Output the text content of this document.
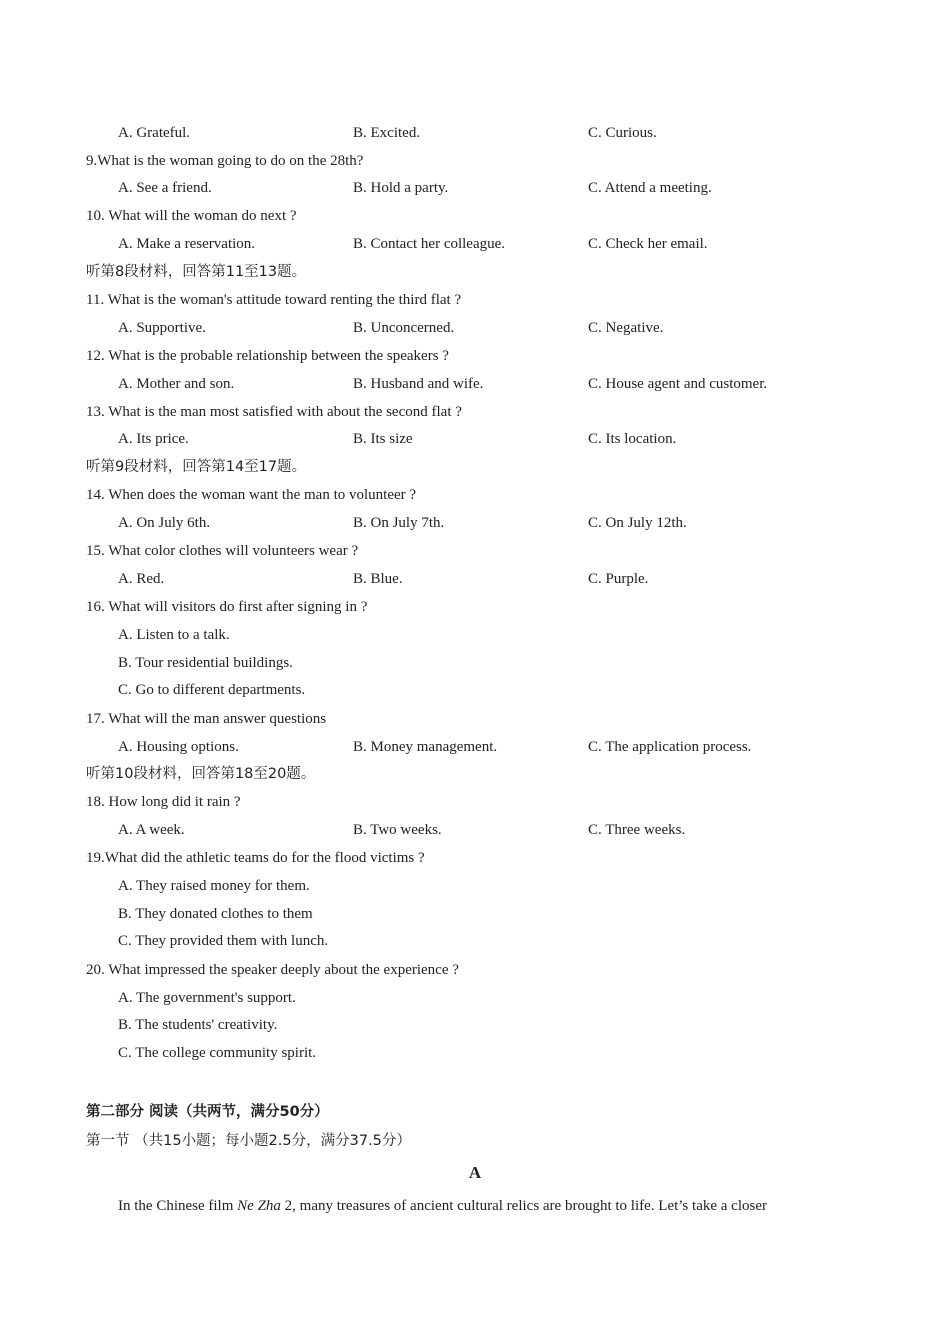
A. Grateful.	B. Excited.	C. Curious.
9.What is the woman going to do on the 28th?
A. See a friend.	B. Hold a party.	C. Attend a meeting.
10. What will the woman do next ?
A. Make a reservation.	B. Contact her colleague.	C. Check her email.
听第8段材料，回答第11至13题。
11. What is the woman's attitude toward renting the third flat ?
A. Supportive.	B. Unconcerned.	C. Negative.
12. What is the probable relationship between the speakers ?
A. Mother and son.	B. Husband and wife.	C. House agent and customer.
13. What is the man most satisfied with about the second flat ?
A. Its price.	B. Its size	C. Its location.
听第9段材料，回答第14至17题。
14. When does the woman want the man to volunteer ?
A. On July 6th.	B. On July 7th.	C. On July 12th.
15. What color clothes will volunteers wear ?
A. Red.	B. Blue.	C. Purple.
16. What will visitors do first after signing in ?
A. Listen to a talk.
B. Tour residential buildings.
C. Go to different departments.
17. What will the man answer questions
A. Housing options.	B. Money management.	C. The application process.
听第10段材料，回答第18至20题。
18. How long did it rain ?
A. A week.	B. Two weeks.	C. Three weeks.
19.What did the athletic teams do for the flood victims ?
A. They raised money for them.
B. They donated clothes to them
C. They provided them with lunch.
20. What impressed the speaker deeply about the experience ?
A. The government's support.
B. The students' creativity.
C. The college community spirit.
第二部分 阅读（共两节，满分50分）
第一节 （共15小题；每小题2.5分，满分37.5分）
A
In the Chinese film Ne Zha 2, many treasures of ancient cultural relics are brought to life. Let’s take a closer
